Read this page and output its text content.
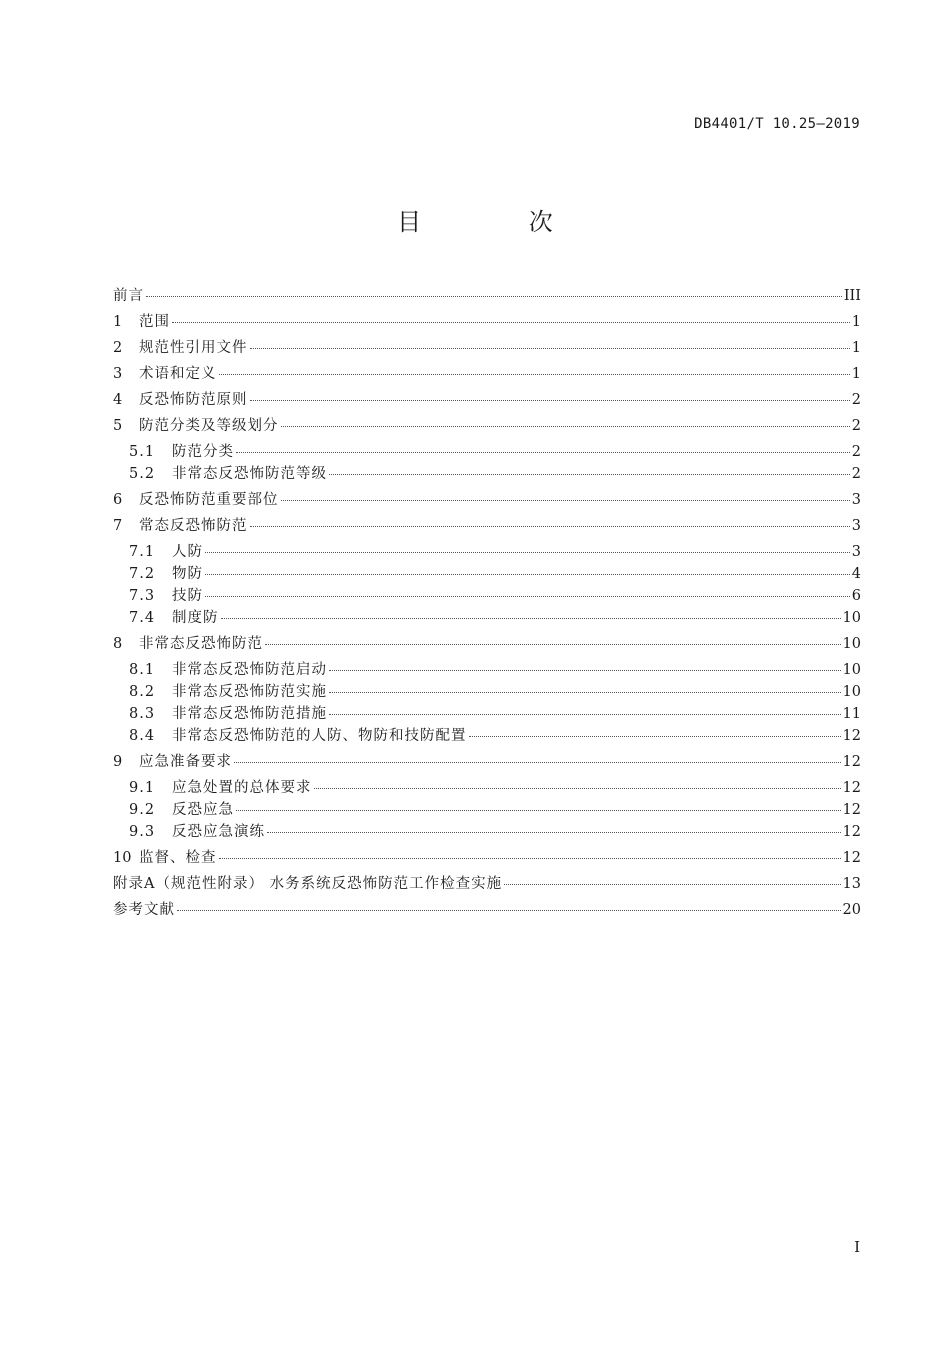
DB4401/T 10.25—2019
目 次
前言	III
1	范围	1
2	规范性引用文件	1
3	术语和定义	1
4	反恐怖防范原则	2
5	防范分类及等级划分	2
5.1	防范分类	2
5.2	非常态反恐怖防范等级	2
6	反恐怖防范重要部位	3
7	常态反恐怖防范	3
7.1	人防	3
7.2	物防	4
7.3	技防	6
7.4	制度防	10
8	非常态反恐怖防范	10
8.1	非常态反恐怖防范启动	10
8.2	非常态反恐怖防范实施	10
8.3	非常态反恐怖防范措施	11
8.4	非常态反恐怖防范的人防、物防和技防配置	12
9	应急准备要求	12
9.1	应急处置的总体要求	12
9.2	反恐应急	12
9.3	反恐应急演练	12
10 监督、检查	12
附录A（规范性附录） 水务系统反恐怖防范工作检查实施	13
参考文献	20
I
